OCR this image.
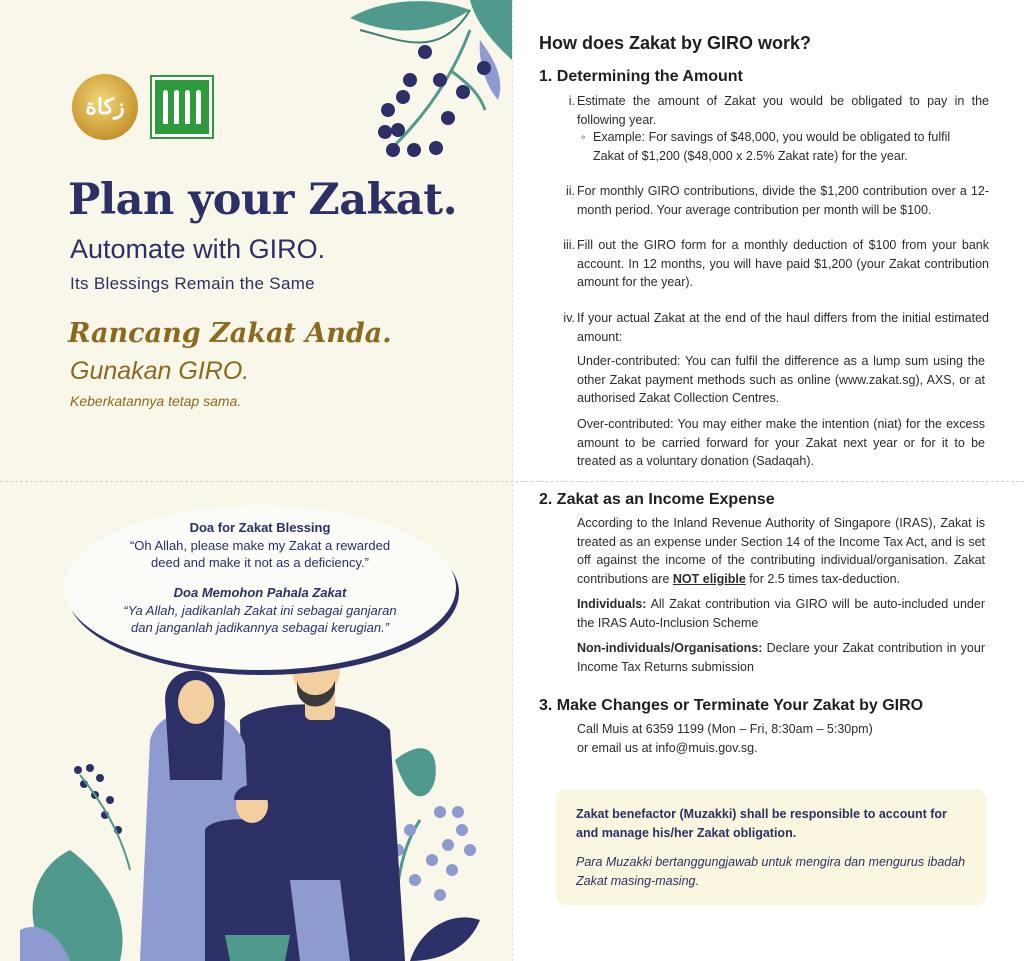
زكاة
Plan your Zakat.
Automate with GIRO.
Its Blessings Remain the Same
Rancang Zakat Anda.
Gunakan GIRO.
Keberkatannya tetap sama.
Doa for Zakat Blessing
“Oh Allah, please make my Zakat a rewarded
deed and make it not as a deficiency.”
Doa Memohon Pahala Zakat
“Ya Allah, jadikanlah Zakat ini sebagai ganjaran
dan janganlah jadikannya sebagai kerugian.”
How does Zakat by GIRO work?
1. Determining the Amount
i. Estimate the amount of Zakat you would be obligated to pay in the following year.
◦ Example: For savings of $48,000, you would be obligated to fulfil Zakat of $1,200 ($48,000 x 2.5% Zakat rate) for the year.
ii. For monthly GIRO contributions, divide the $1,200 contribution over a 12-month period. Your average contribution per month will be $100.
iii. Fill out the GIRO form for a monthly deduction of $100 from your bank account. In 12 months, you will have paid $1,200 (your Zakat contribution amount for the year).
iv. If your actual Zakat at the end of the haul differs from the initial estimated amount:
Under-contributed: You can fulfil the difference as a lump sum using the other Zakat payment methods such as online (www.zakat.sg), AXS, or at authorised Zakat Collection Centres.
Over-contributed: You may either make the intention (niat) for the excess amount to be carried forward for your Zakat next year or for it to be treated as a voluntary donation (Sadaqah).
2. Zakat as an Income Expense
According to the Inland Revenue Authority of Singapore (IRAS), Zakat is treated as an expense under Section 14 of the Income Tax Act, and is set off against the income of the contributing individual/organisation. Zakat contributions are NOT eligible for 2.5 times tax-deduction.
Individuals: All Zakat contribution via GIRO will be auto-included under the IRAS Auto-Inclusion Scheme
Non-individuals/Organisations: Declare your Zakat contribution in your Income Tax Returns submission
3. Make Changes or Terminate Your Zakat by GIRO
Call Muis at 6359 1199 (Mon – Fri, 8:30am – 5:30pm)
or email us at info@muis.gov.sg.
Zakat benefactor (Muzakki) shall be responsible to account for and manage his/her Zakat obligation.
Para Muzakki bertanggungjawab untuk mengira dan mengurus ibadah Zakat masing-masing.
